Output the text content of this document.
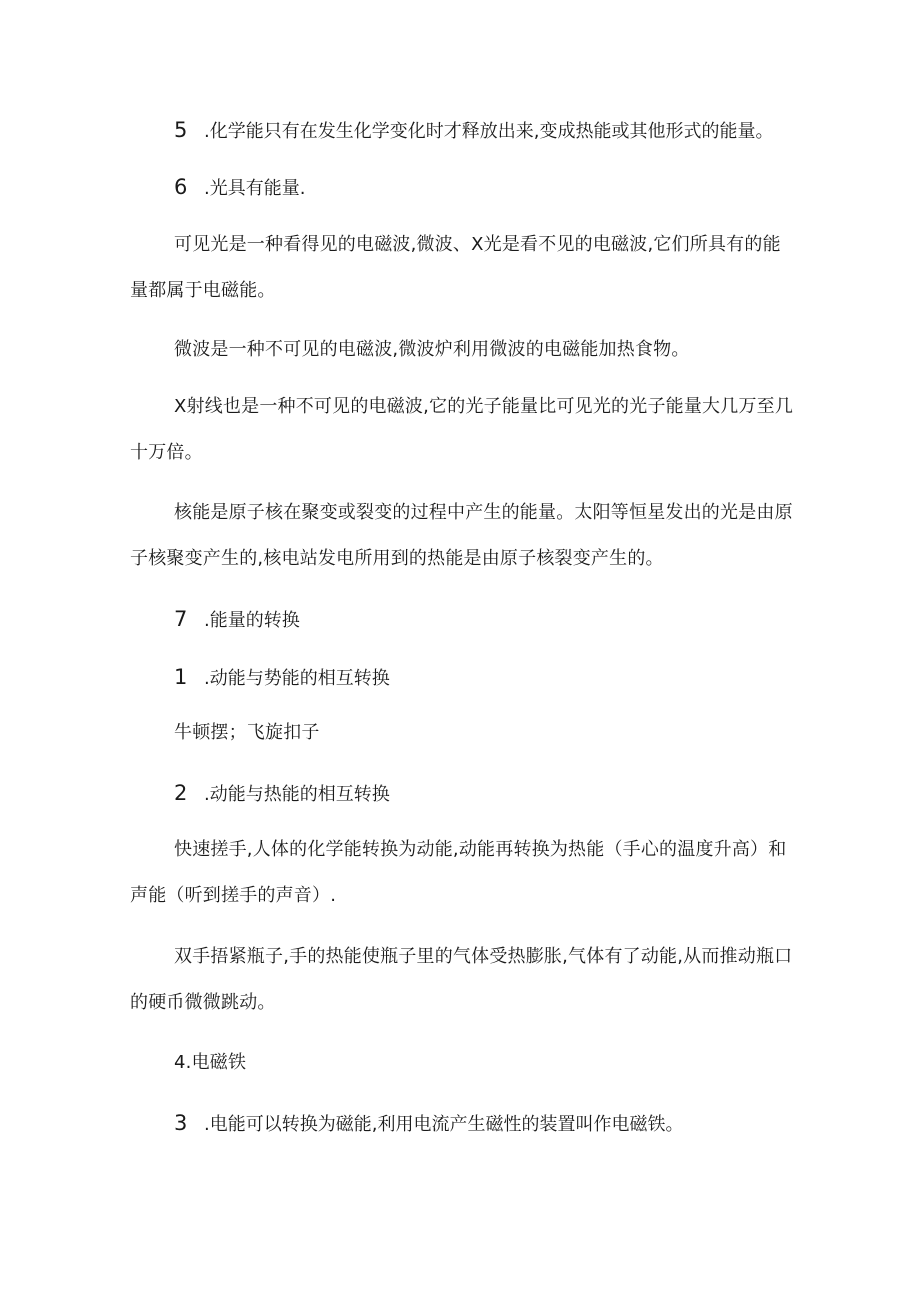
5 .化学能只有在发生化学变化时才释放出来,变成热能或其他形式的能量。
6 .光具有能量.
可见光是一种看得见的电磁波,微波、X光是看不见的电磁波,它们所具有的能量都属于电磁能。
微波是一种不可见的电磁波,微波炉利用微波的电磁能加热食物。
X射线也是一种不可见的电磁波,它的光子能量比可见光的光子能量大几万至几十万倍。
核能是原子核在聚变或裂变的过程中产生的能量。太阳等恒星发出的光是由原子核聚变产生的,核电站发电所用到的热能是由原子核裂变产生的。
7 .能量的转换
1 .动能与势能的相互转换
牛顿摆；飞旋扣子
2 .动能与热能的相互转换
快速搓手,人体的化学能转换为动能,动能再转换为热能（手心的温度升高）和声能（听到搓手的声音）.
双手捂紧瓶子,手的热能使瓶子里的气体受热膨胀,气体有了动能,从而推动瓶口的硬币微微跳动。
4.电磁铁
3 .电能可以转换为磁能,利用电流产生磁性的装置叫作电磁铁。
